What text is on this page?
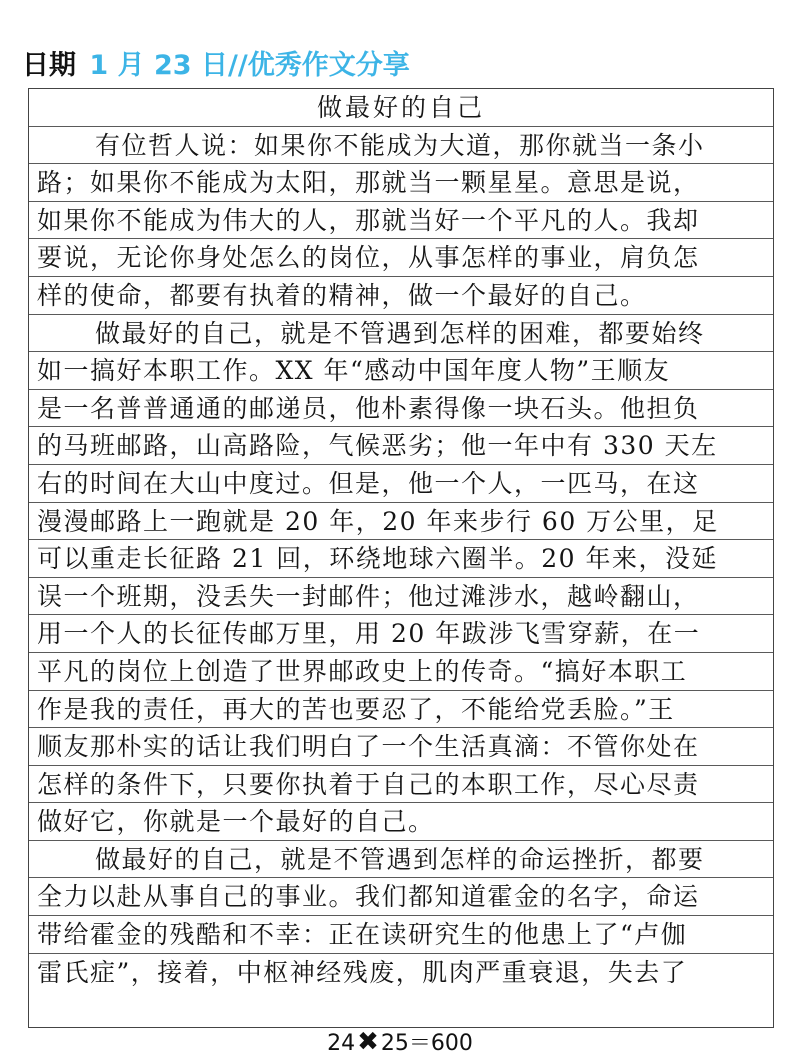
日期 1 月 23 日//优秀作文分享
做最好的自己
有位哲人说：如果你不能成为大道，那你就当一条小
路；如果你不能成为太阳，那就当一颗星星。意思是说，
如果你不能成为伟大的人，那就当好一个平凡的人。我却
要说，无论你身处怎么的岗位，从事怎样的事业，肩负怎
样的使命，都要有执着的精神，做一个最好的自己。
做最好的自己，就是不管遇到怎样的困难，都要始终
如一搞好本职工作。XX 年“感动中国年度人物”王顺友
是一名普普通通的邮递员，他朴素得像一块石头。他担负
的马班邮路，山高路险，气候恶劣；他一年中有 330 天左
右的时间在大山中度过。但是，他一个人，一匹马，在这
漫漫邮路上一跑就是 20 年，20 年来步行 60 万公里，足
可以重走长征路 21 回，环绕地球六圈半。20 年来，没延
误一个班期，没丢失一封邮件；他过滩涉水，越岭翻山，
用一个人的长征传邮万里，用 20 年跋涉飞雪穿薪，在一
平凡的岗位上创造了世界邮政史上的传奇。“搞好本职工
作是我的责任，再大的苦也要忍了，不能给党丢脸。”王
顺友那朴实的话让我们明白了一个生活真滴：不管你处在
怎样的条件下，只要你执着于自己的本职工作，尽心尽责
做好它，你就是一个最好的自己。
做最好的自己，就是不管遇到怎样的命运挫折，都要
全力以赴从事自己的事业。我们都知道霍金的名字，命运
带给霍金的残酷和不幸：正在读研究生的他患上了“卢伽
雷氏症”，接着，中枢神经残废，肌肉严重衰退，失去了
24✖25＝600
